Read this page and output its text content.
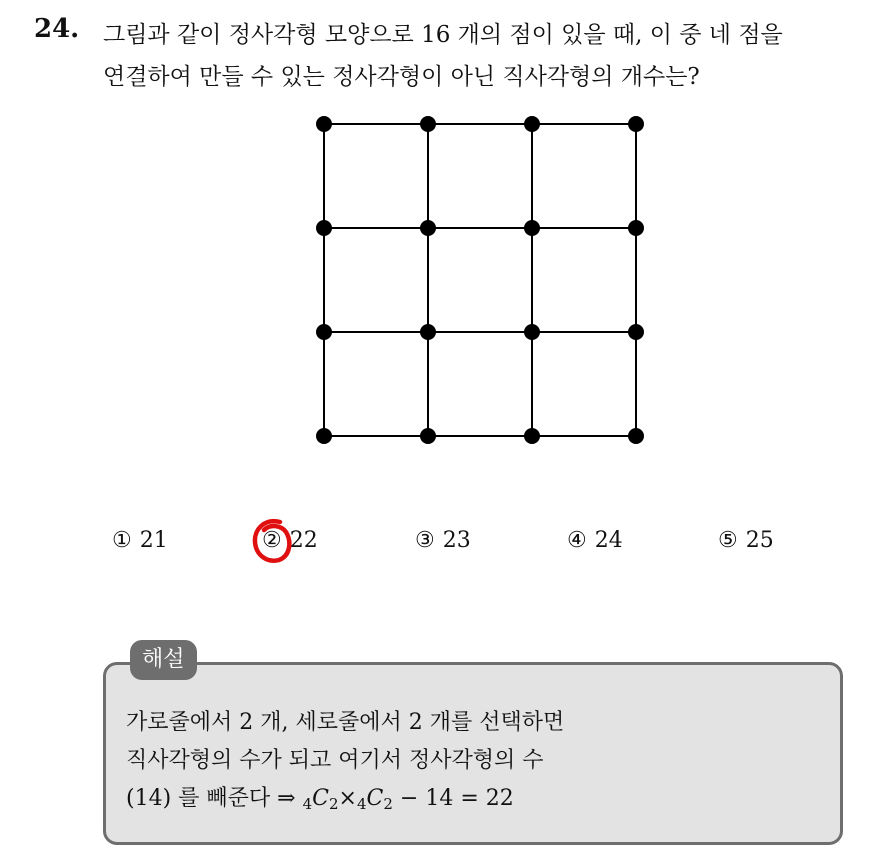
24. 그림과 같이 정사각형 모양으로 16 개의 점이 있을 때, 이 중 네 점을
연결하여 만들 수 있는 정사각형이 아닌 직사각형의 개수는?
① 21	② 22	③ 23	④ 24	⑤ 25
해설
가로줄에서 2 개, 세로줄에서 2 개를 선택하면
직사각형의 수가 되고 여기서 정사각형의 수
(14) 를 빼준다 ⇒ 4C2×4C2 − 14 = 22
